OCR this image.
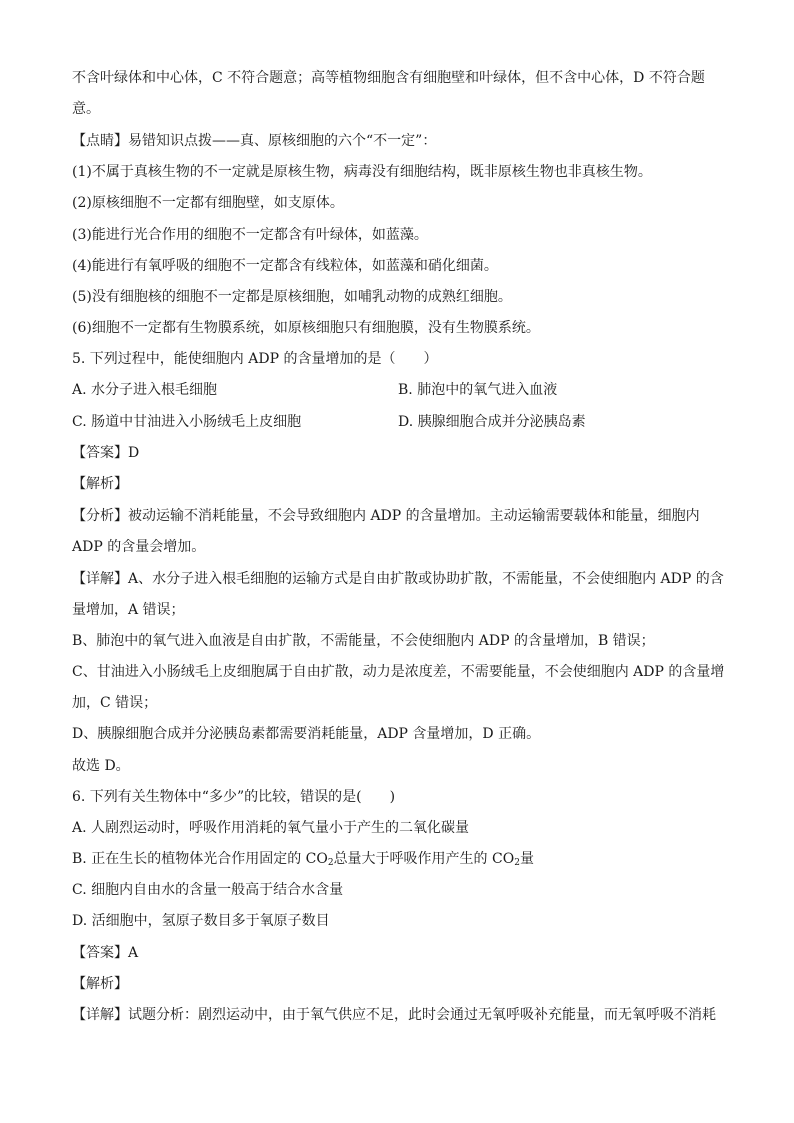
不含叶绿体和中心体，C 不符合题意；高等植物细胞含有细胞壁和叶绿体，但不含中心体，D 不符合题
意。
【点睛】易错知识点拨——真、原核细胞的六个“不一定”：
(1)不属于真核生物的不一定就是原核生物，病毒没有细胞结构，既非原核生物也非真核生物。
(2)原核细胞不一定都有细胞壁，如支原体。
(3)能进行光合作用的细胞不一定都含有叶绿体，如蓝藻。
(4)能进行有氧呼吸的细胞不一定都含有线粒体，如蓝藻和硝化细菌。
(5)没有细胞核的细胞不一定都是原核细胞，如哺乳动物的成熟红细胞。
(6)细胞不一定都有生物膜系统，如原核细胞只有细胞膜，没有生物膜系统。
5. 下列过程中，能使细胞内 ADP 的含量增加的是（　　）
A. 水分子进入根毛细胞	B. 肺泡中的氧气进入血液
C. 肠道中甘油进入小肠绒毛上皮细胞	D. 胰腺细胞合成并分泌胰岛素
【答案】D
【解析】
【分析】被动运输不消耗能量，不会导致细胞内 ADP 的含量增加。主动运输需要载体和能量，细胞内
ADP 的含量会增加。
【详解】A、水分子进入根毛细胞的运输方式是自由扩散或协助扩散，不需能量，不会使细胞内 ADP 的含
量增加，A 错误；
B、肺泡中的氧气进入血液是自由扩散，不需能量，不会使细胞内 ADP 的含量增加，B 错误；
C、甘油进入小肠绒毛上皮细胞属于自由扩散，动力是浓度差，不需要能量，不会使细胞内 ADP 的含量增
加，C 错误；
D、胰腺细胞合成并分泌胰岛素都需要消耗能量，ADP 含量增加，D 正确。
故选 D。
6. 下列有关生物体中“多少”的比较，错误的是(　　)
A. 人剧烈运动时，呼吸作用消耗的氧气量小于产生的二氧化碳量
B. 正在生长的植物体光合作用固定的 $CO_2$总量大于呼吸作用产生的 $CO_2$量
C. 细胞内自由水的含量一般高于结合水含量
D. 活细胞中，氢原子数目多于氧原子数目
【答案】A
【解析】
【详解】试题分析：剧烈运动中，由于氧气供应不足，此时会通过无氧呼吸补充能量，而无氧呼吸不消耗
